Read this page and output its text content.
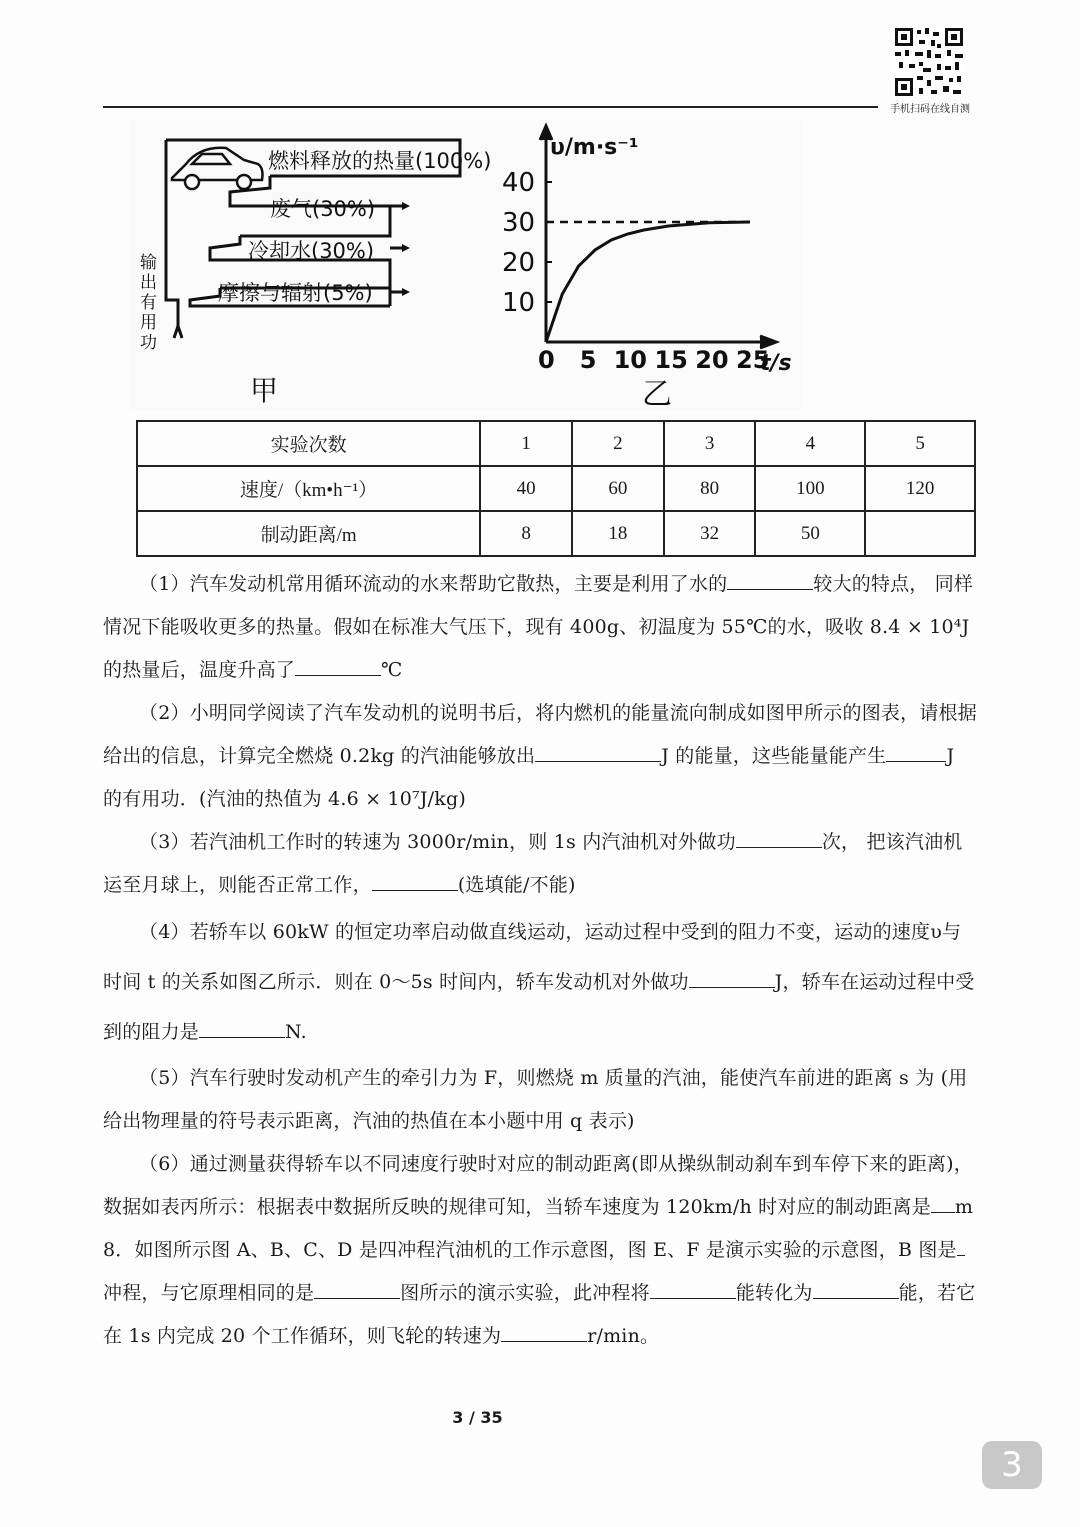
手机扫码在线自测
燃料释放的热量(100%)
废气(30%)
冷却水(30%)
摩擦与辐射(5%)
输
出
有
用
功
甲
40
30
20
10
0 5 10 15 20 25
υ/m·s⁻¹
t/s
乙
实验次数	1	2	3	4	5
速度/（km•h⁻¹）	40	60	80	100	120
制动距离/m	8	18	32	50	
（1）汽车发动机常用循环流动的水来帮助它散热，主要是利用了水的	较大的特点， 同样情况下能吸收更多的热量。假如在标准大气压下，现有 400g、初温度为 55℃的水，吸收 8.4 × 10⁴J 的热量后，温度升高了	℃
（2）小明同学阅读了汽车发动机的说明书后，将内燃机的能量流向制成如图甲所示的图表，请根据给出的信息，计算完全燃烧 0.2kg 的汽油能够放出	J 的能量，这些能量能产生	J 的有用功．(汽油的热值为 4.6 × 10⁷J/kg)
（3）若汽油机工作时的转速为 3000r/min，则 1s 内汽油机对外做功	次， 把该汽油机运至月球上，则能否正常工作，	(选填能/不能)
（4）若轿车以 60kW 的恒定功率启动做直线运动，运动过程中受到的阻力不变，运动的速度υ与时间 t 的关系如图乙所示．则在 0～5s 时间内，轿车发动机对外做功	J，轿车在运动过程中受到的阻力是	N.
（5）汽车行驶时发动机产生的牵引力为 F，则燃烧 m 质量的汽油，能使汽车前进的距离 s 为 (用给出物理量的符号表示距离，汽油的热值在本小题中用 q 表示)
（6）通过测量获得轿车以不同速度行驶时对应的制动距离(即从操纵制动刹车到车停下来的距离)，数据如表丙所示：根据表中数据所反映的规律可知，当轿车速度为 120km/h 时对应的制动距离是 m
8．如图所示图 A、B、C、D 是四冲程汽油机的工作示意图，图 E、F 是演示实验的示意图，B 图是冲程，与它原理相同的是	图所示的演示实验，此冲程将	能转化为	能，若它在 1s 内完成 20 个工作循环，则飞轮的转速为	r/min。
3 / 35
3
